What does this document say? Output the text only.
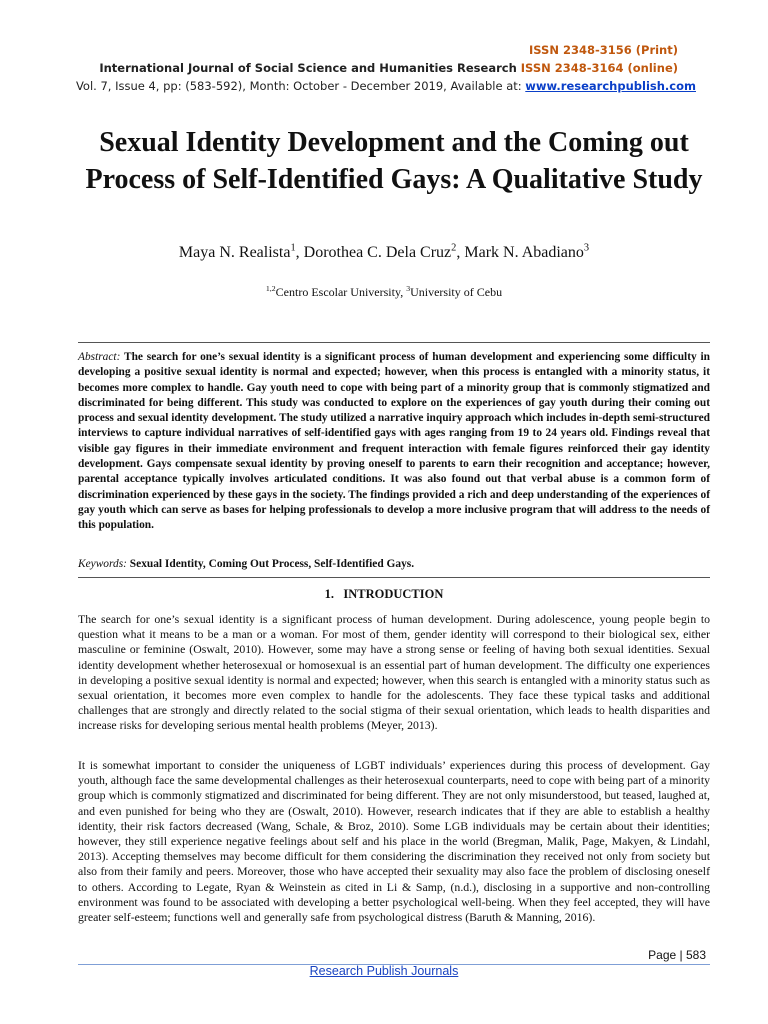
ISSN 2348-3156 (Print)
International Journal of Social Science and Humanities Research ISSN 2348-3164 (online)
Vol. 7, Issue 4, pp: (583-592), Month: October - December 2019, Available at: www.researchpublish.com
Sexual Identity Development and the Coming out Process of Self-Identified Gays: A Qualitative Study
Maya N. Realista$^1$, Dorothea C. Dela Cruz$^2$, Mark N. Abadiano$^3$
$^{1,2}$Centro Escolar University, $^3$University of Cebu
Abstract: The search for one’s sexual identity is a significant process of human development and experiencing some difficulty in developing a positive sexual identity is normal and expected; however, when this process is entangled with a minority status, it becomes more complex to handle. Gay youth need to cope with being part of a minority group that is commonly stigmatized and discriminated for being different. This study was conducted to explore on the experiences of gay youth during their coming out process and sexual identity development. The study utilized a narrative inquiry approach which includes in-depth semi-structured interviews to capture individual narratives of self-identified gays with ages ranging from 19 to 24 years old. Findings reveal that visible gay figures in their immediate environment and frequent interaction with female figures reinforced their gay identity development. Gays compensate sexual identity by proving oneself to parents to earn their recognition and acceptance; however, parental acceptance typically involves articulated conditions. It was also found out that verbal abuse is a common form of discrimination experienced by these gays in the society. The findings provided a rich and deep understanding of the experiences of gay youth which can serve as bases for helping professionals to develop a more inclusive program that will address to the needs of this population.
Keywords: Sexual Identity, Coming Out Process, Self-Identified Gays.
1. INTRODUCTION

The search for one’s sexual identity is a significant process of human development. During adolescence, young people begin to question what it means to be a man or a woman. For most of them, gender identity will correspond to their biological sex, either masculine or feminine (Oswalt, 2010). However, some may have a strong sense or feeling of having both sexual identities. Sexual identity development whether heterosexual or homosexual is an essential part of human development. The difficulty one experiences in developing a positive sexual identity is normal and expected; however, when this search is entangled with a minority status such as sexual orientation, it becomes more even complex to handle for the adolescents. They face these typical tasks and additional challenges that are strongly and directly related to the social stigma of their sexual orientation, which leads to health disparities and increase risks for developing serious mental health problems (Meyer, 2013).

It is somewhat important to consider the uniqueness of LGBT individuals’ experiences during this process of development. Gay youth, although face the same developmental challenges as their heterosexual counterparts, need to cope with being part of a minority group which is commonly stigmatized and discriminated for being different. They are not only misunderstood, but teased, laughed at, and even punished for being who they are (Oswalt, 2010). However, research indicates that if they are able to establish a healthy identity, their risk factors decreased (Wang, Schale, & Broz, 2010). Some LGB individuals may be certain about their identities; however, they still experience negative feelings about self and his place in the world (Bregman, Malik, Page, Makyen, & Lindahl, 2013). Accepting themselves may become difficult for them considering the discrimination they received not only from society but also from their family and peers. Moreover, those who have accepted their sexuality may also face the problem of disclosing oneself to others. According to Legate, Ryan & Weinstein as cited in Li & Samp, (n.d.), disclosing in a supportive and non-controlling environment was found to be associated with developing a better psychological well-being. When they feel accepted, they will have greater self-esteem; functions well and generally safe from psychological distress (Baruth & Manning, 2016).

Page | 583
Research Publish Journals
